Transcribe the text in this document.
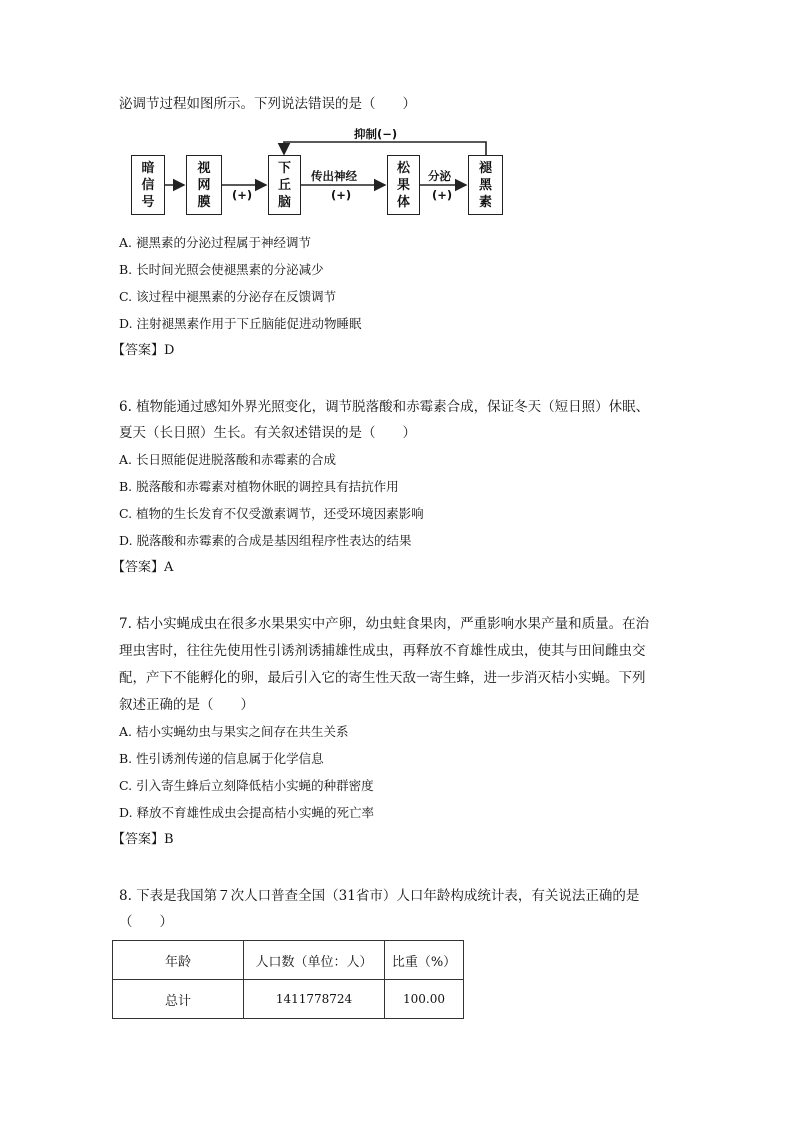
泌调节过程如图所示。下列说法错误的是（　　）
抑制(−)
暗
信
号
视
网
膜
下
丘
脑
松
果
体
褪
黑
素
(+)
传出神经
(+)
分泌
(+)
A. 褪黑素的分泌过程属于神经调节
B. 长时间光照会使褪黑素的分泌减少
C. 该过程中褪黑素的分泌存在反馈调节
D. 注射褪黑素作用于下丘脑能促进动物睡眠
【答案】D
6. 植物能通过感知外界光照变化，调节脱落酸和赤霉素合成，保证冬天（短日照）休眠、
夏天（长日照）生长。有关叙述错误的是（　　）
A. 长日照能促进脱落酸和赤霉素的合成
B. 脱落酸和赤霉素对植物休眠的调控具有拮抗作用
C. 植物的生长发育不仅受激素调节，还受环境因素影响
D. 脱落酸和赤霉素的合成是基因组程序性表达的结果
【答案】A
7. 桔小实蝇成虫在很多水果果实中产卵，幼虫蛀食果肉，严重影响水果产量和质量。在治
理虫害时，往往先使用性引诱剂诱捕雄性成虫，再释放不育雄性成虫，使其与田间雌虫交
配，产下不能孵化的卵，最后引入它的寄生性天敌一寄生蜂，进一步消灭桔小实蝇。下列
叙述正确的是（　　）
A. 桔小实蝇幼虫与果实之间存在共生关系
B. 性引诱剂传递的信息属于化学信息
C. 引入寄生蜂后立刻降低桔小实蝇的种群密度
D. 释放不育雄性成虫会提高桔小实蝇的死亡率
【答案】B
8. 下表是我国第７次人口普查全国（31省市）人口年龄构成统计表，有关说法正确的是
（　　）
年龄	人口数（单位：人）	比重（%）
总计	1411778724	100.00
